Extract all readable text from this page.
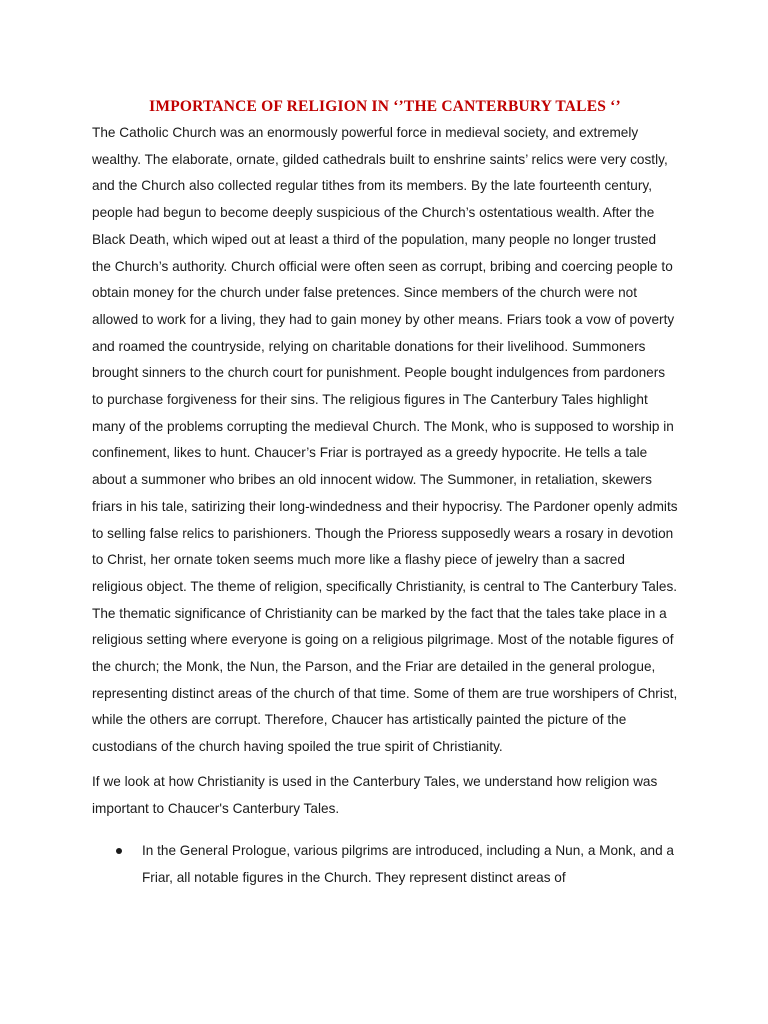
IMPORTANCE OF RELIGION IN ‘’THE CANTERBURY TALES ‘’

The Catholic Church was an enormously powerful force in medieval society, and extremely wealthy. The elaborate, ornate, gilded cathedrals built to enshrine saints’ relics were very costly, and the Church also collected regular tithes from its members. By the late fourteenth century, people had begun to become deeply suspicious of the Church’s ostentatious wealth. After the Black Death, which wiped out at least a third of the population, many people no longer trusted the Church’s authority. Church official were often seen as corrupt, bribing and coercing people to obtain money for the church under false pretences. Since members of the church were not allowed to work for a living, they had to gain money by other means. Friars took a vow of poverty and roamed the countryside, relying on charitable donations for their livelihood. Summoners brought sinners to the church court for punishment. People bought indulgences from pardoners to purchase forgiveness for their sins. The religious figures in The Canterbury Tales highlight many of the problems corrupting the medieval Church. The Monk, who is supposed to worship in confinement, likes to hunt. Chaucer’s Friar is portrayed as a greedy hypocrite. He tells a tale about a summoner who bribes an old innocent widow. The Summoner, in retaliation, skewers friars in his tale, satirizing their long-windedness and their hypocrisy. The Pardoner openly admits to selling false relics to parishioners. Though the Prioress supposedly wears a rosary in devotion to Christ, her ornate token seems much more like a flashy piece of jewelry than a sacred religious object. The theme of religion, specifically Christianity, is central to The Canterbury Tales. The thematic significance of Christianity can be marked by the fact that the tales take place in a religious setting where everyone is going on a religious pilgrimage. Most of the notable figures of the church; the Monk, the Nun, the Parson, and the Friar are detailed in the general prologue, representing distinct areas of the church of that time. Some of them are true worshipers of Christ, while the others are corrupt. Therefore, Chaucer has artistically painted the picture of the custodians of the church having spoiled the true spirit of Christianity.

If we look at how Christianity is used in the Canterbury Tales, we understand how religion was important to Chaucer's Canterbury Tales.

In the General Prologue, various pilgrims are introduced, including a Nun, a Monk, and a Friar, all notable figures in the Church. They represent distinct areas of
